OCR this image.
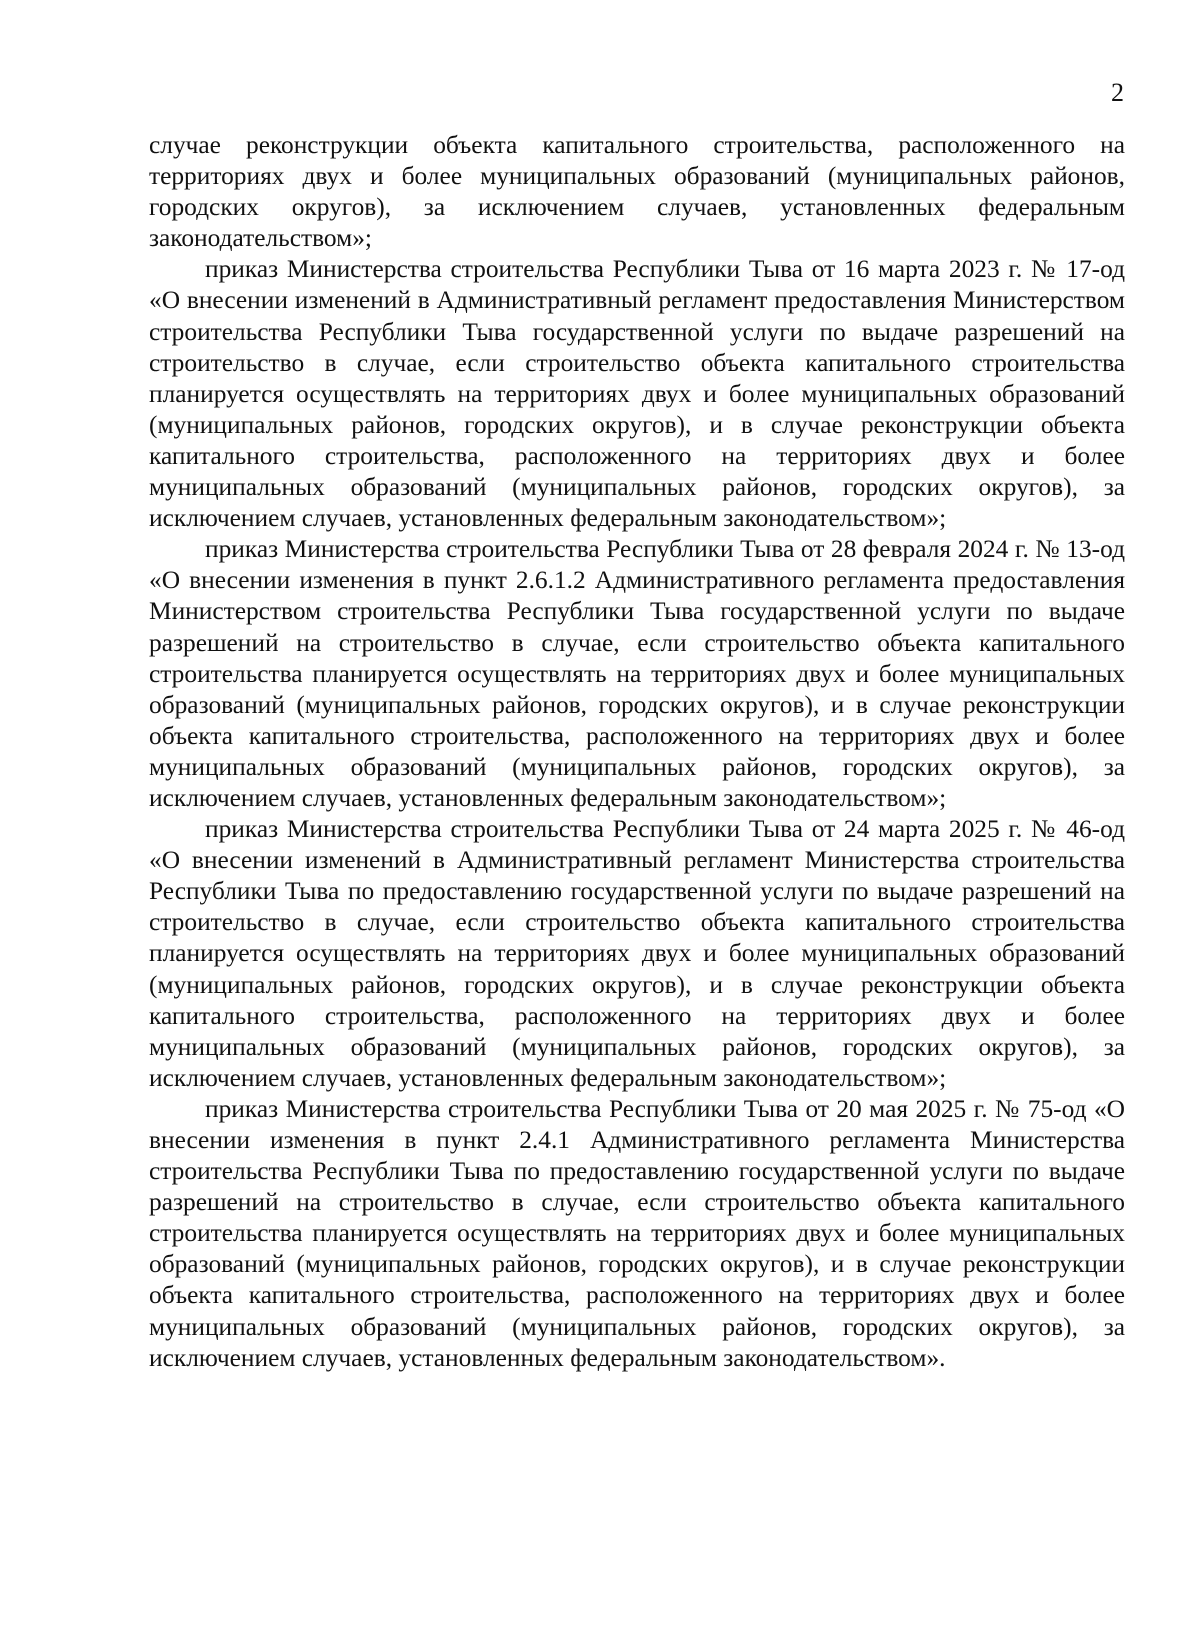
2

случае реконструкции объекта капитального строительства, расположенного на территориях двух и более муниципальных образований (муниципальных районов, городских округов), за исключением случаев, установленных федеральным законодательством»;

приказ Министерства строительства Республики Тыва от 16 марта 2023 г. № 17-од «О внесении изменений в Административный регламент предоставления Министерством строительства Республики Тыва государственной услуги по выдаче разрешений на строительство в случае, если строительство объекта капитального строительства планируется осуществлять на территориях двух и более муниципальных образований (муниципальных районов, городских округов), и в случае реконструкции объекта капитального строительства, расположенного на территориях двух и более муниципальных образований (муниципальных районов, городских округов), за исключением случаев, установленных федеральным законодательством»;

приказ Министерства строительства Республики Тыва от 28 февраля 2024 г. № 13-од «О внесении изменения в пункт 2.6.1.2 Административного регламента предоставления Министерством строительства Республики Тыва государственной услуги по выдаче разрешений на строительство в случае, если строительство объекта капитального строительства планируется осуществлять на территориях двух и более муниципальных образований (муниципальных районов, городских округов), и в случае реконструкции объекта капитального строительства, расположенного на территориях двух и более муниципальных образований (муниципальных районов, городских округов), за исключением случаев, установленных федеральным законодательством»;

приказ Министерства строительства Республики Тыва от 24 марта 2025 г. № 46-од «О внесении изменений в Административный регламент Министерства строительства Республики Тыва по предоставлению государственной услуги по выдаче разрешений на строительство в случае, если строительство объекта капитального строительства планируется осуществлять на территориях двух и более муниципальных образований (муниципальных районов, городских округов), и в случае реконструкции объекта капитального строительства, расположенного на территориях двух и более муниципальных образований (муниципальных районов, городских округов), за исключением случаев, установленных федеральным законодательством»;

приказ Министерства строительства Республики Тыва от 20 мая 2025 г. № 75-од «О внесении изменения в пункт 2.4.1 Административного регламента Министерства строительства Республики Тыва по предоставлению государственной услуги по выдаче разрешений на строительство в случае, если строительство объекта капитального строительства планируется осуществлять на территориях двух и более муниципальных образований (муниципальных районов, городских округов), и в случае реконструкции объекта капитального строительства, расположенного на территориях двух и более муниципальных образований (муниципальных районов, городских округов), за исключением случаев, установленных федеральным законодательством».
